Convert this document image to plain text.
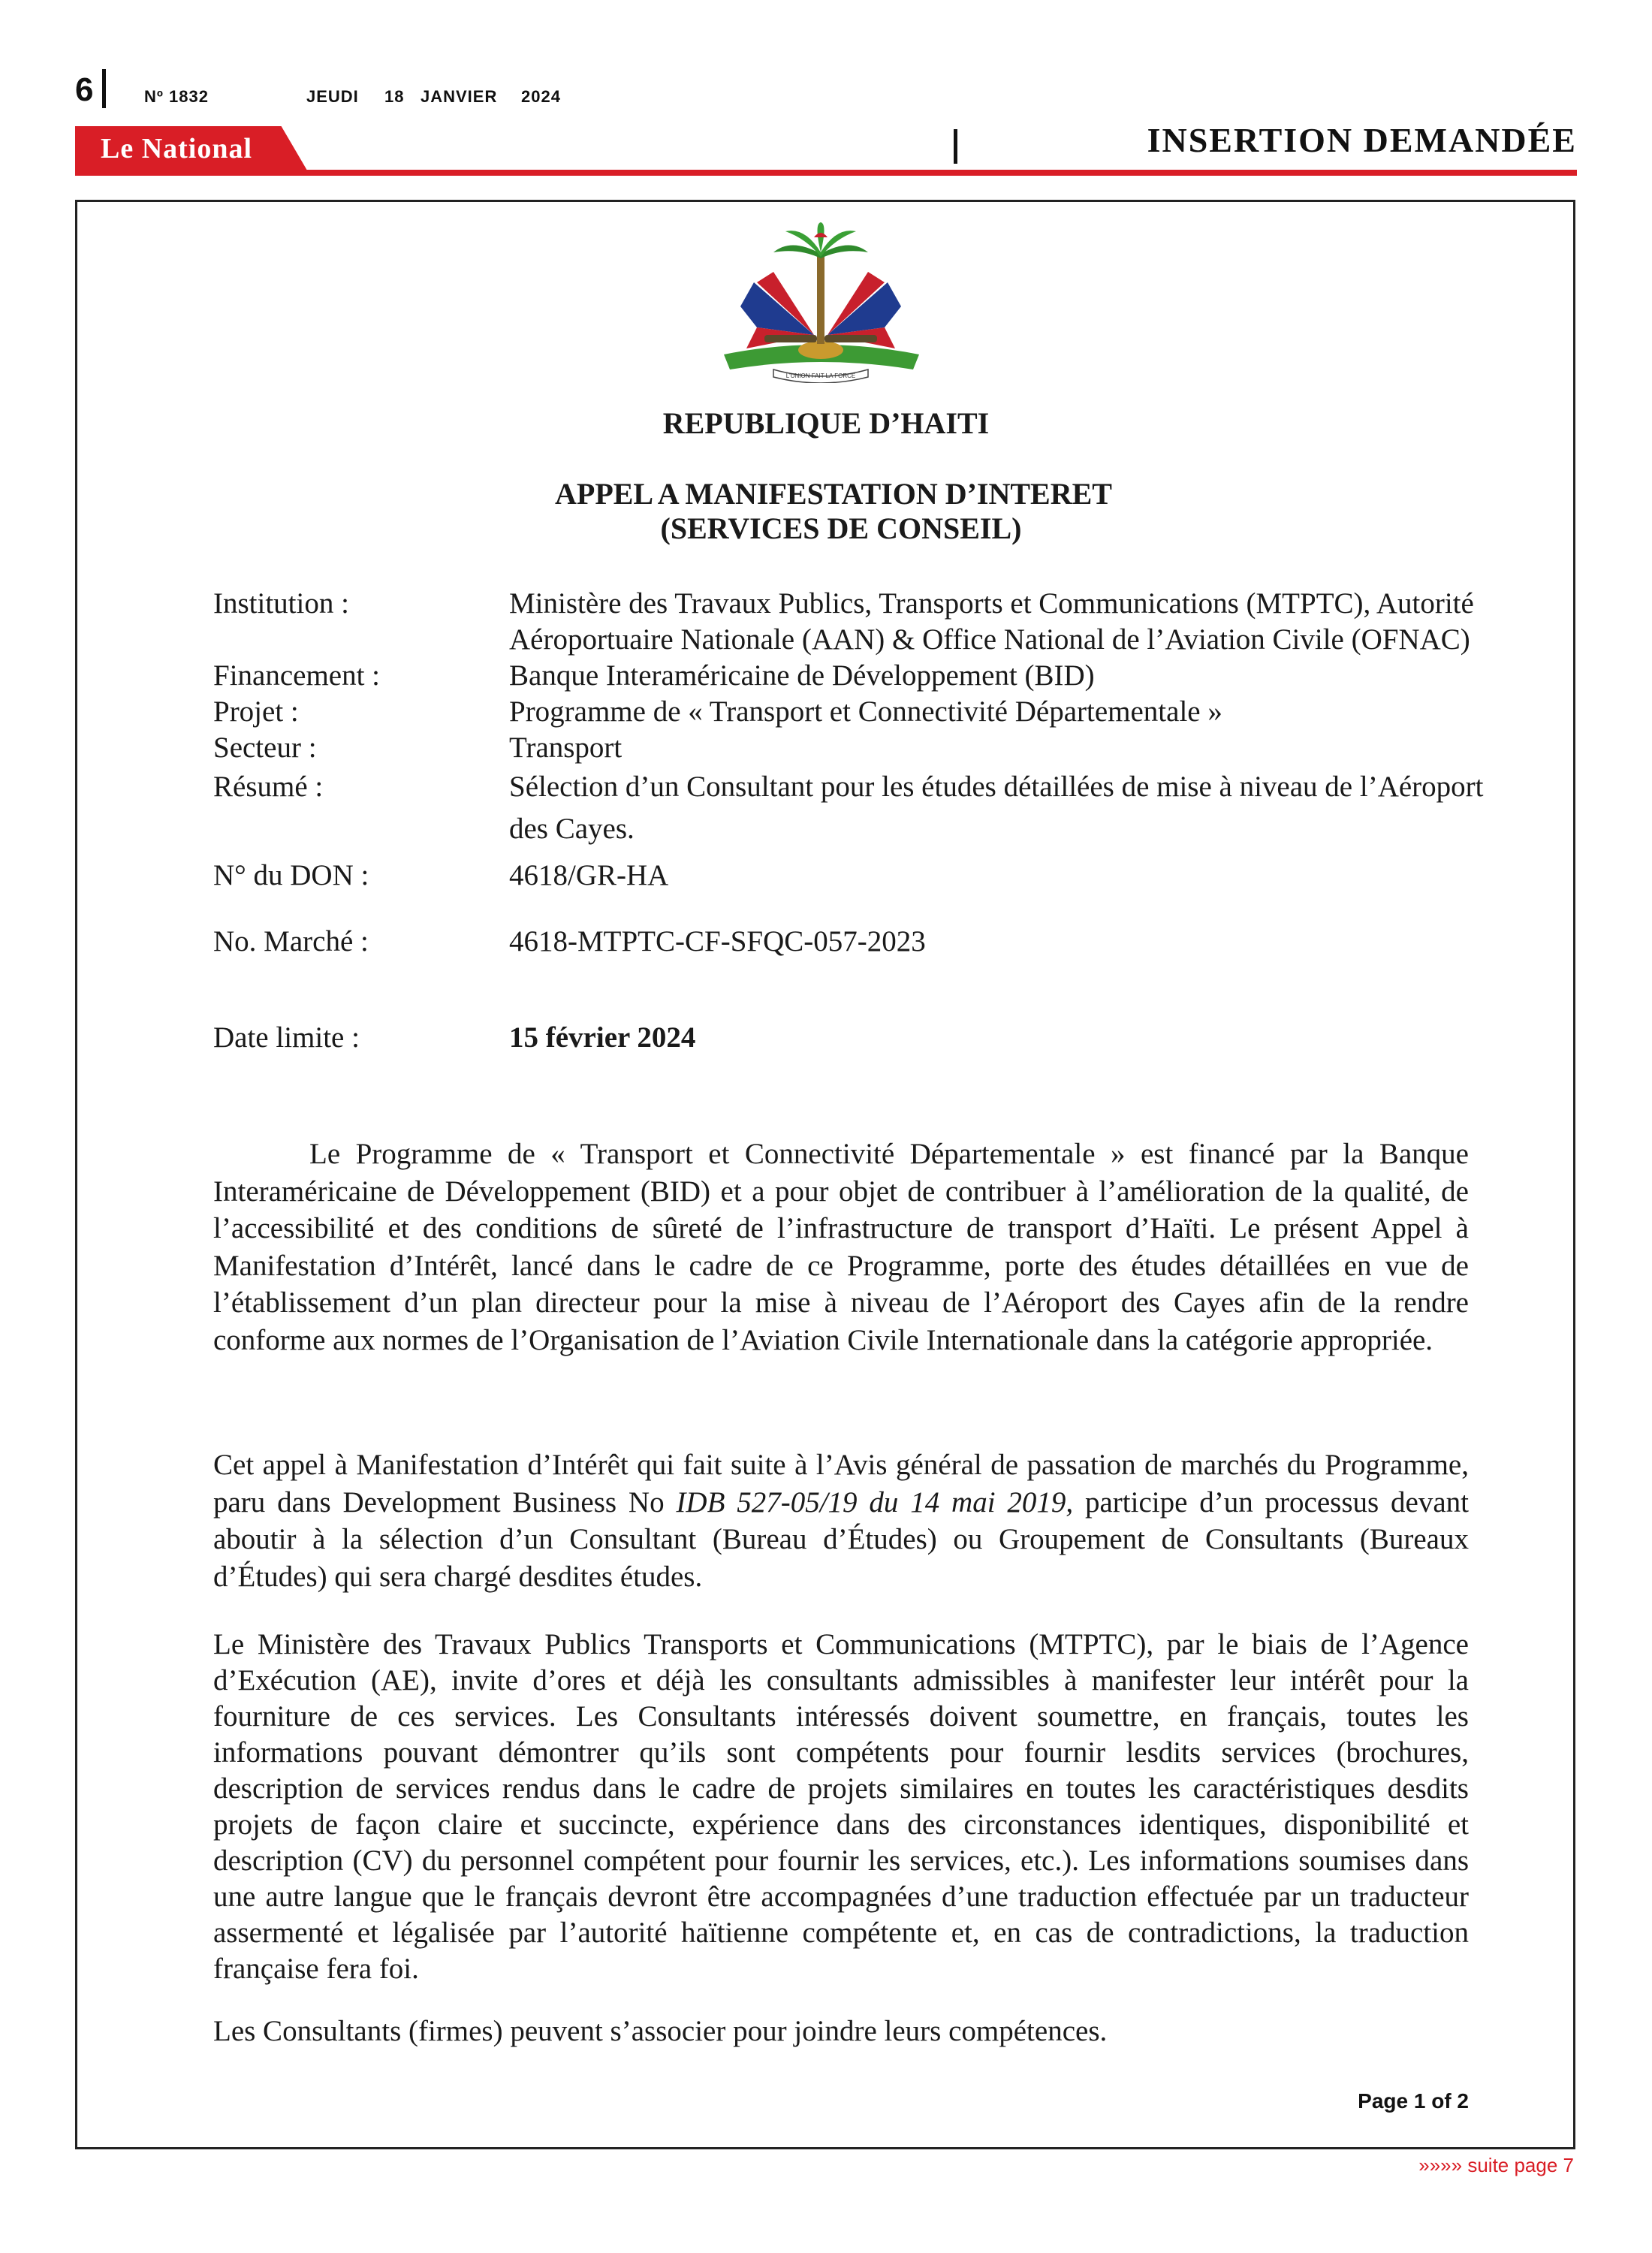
6	Nº 1832	JEUDI 18 JANVIER 2024
Le National	INSERTION DEMANDÉE
L'UNION FAIT LA FORCE
REPUBLIQUE D’HAITI
APPEL A MANIFESTATION D’INTERET
(SERVICES DE CONSEIL)
Institution :	Ministère des Travaux Publics, Transports et Communications (MTPTC), Autorité Aéroportuaire Nationale (AAN) & Office National de l’Aviation Civile (OFNAC)
Financement :	Banque Interaméricaine de Développement (BID)
Projet :	Programme de « Transport et Connectivité Départementale »
Secteur :	Transport
Résumé :	Sélection d’un Consultant pour les études détaillées de mise à niveau de l’Aéroport des Cayes.
N° du DON :	4618/GR-HA
No. Marché :	4618-MTPTC-CF-SFQC-057-2023
Date limite :	15 février 2024
Le Programme de « Transport et Connectivité Départementale » est financé par la Banque Interaméricaine de Développement (BID) et a pour objet de contribuer à l’amélioration de la qualité, de l’accessibilité et des conditions de sûreté de l’infrastructure de transport d’Haïti. Le présent Appel à Manifestation d’Intérêt, lancé dans le cadre de ce Programme, porte des études détaillées en vue de l’établissement d’un plan directeur pour la mise à niveau de l’Aéroport des Cayes afin de la rendre conforme aux normes de l’Organisation de l’Aviation Civile Internationale dans la catégorie appropriée.
Cet appel à Manifestation d’Intérêt qui fait suite à l’Avis général de passation de marchés du Programme, paru dans Development Business No IDB 527-05/19 du 14 mai 2019, participe d’un processus devant aboutir à la sélection d’un Consultant (Bureau d’Études) ou Groupement de Consultants (Bureaux d’Études) qui sera chargé desdites études.
Le Ministère des Travaux Publics Transports et Communications (MTPTC), par le biais de l’Agence d’Exécution (AE), invite d’ores et déjà les consultants admissibles à manifester leur intérêt pour la fourniture de ces services. Les Consultants intéressés doivent soumettre, en français, toutes les informations pouvant démontrer qu’ils sont compétents pour fournir lesdits services (brochures, description de services rendus dans le cadre de projets similaires en toutes les caractéristiques desdits projets de façon claire et succincte, expérience dans des circonstances identiques, disponibilité et description (CV) du personnel compétent pour fournir les services, etc.). Les informations soumises dans une autre langue que le français devront être accompagnées d’une traduction effectuée par un traducteur assermenté et légalisée par l’autorité haïtienne compétente et, en cas de contradictions, la traduction française fera foi.
Les Consultants (firmes) peuvent s’associer pour joindre leurs compétences.
Page 1 of 2
»»»» suite page 7
